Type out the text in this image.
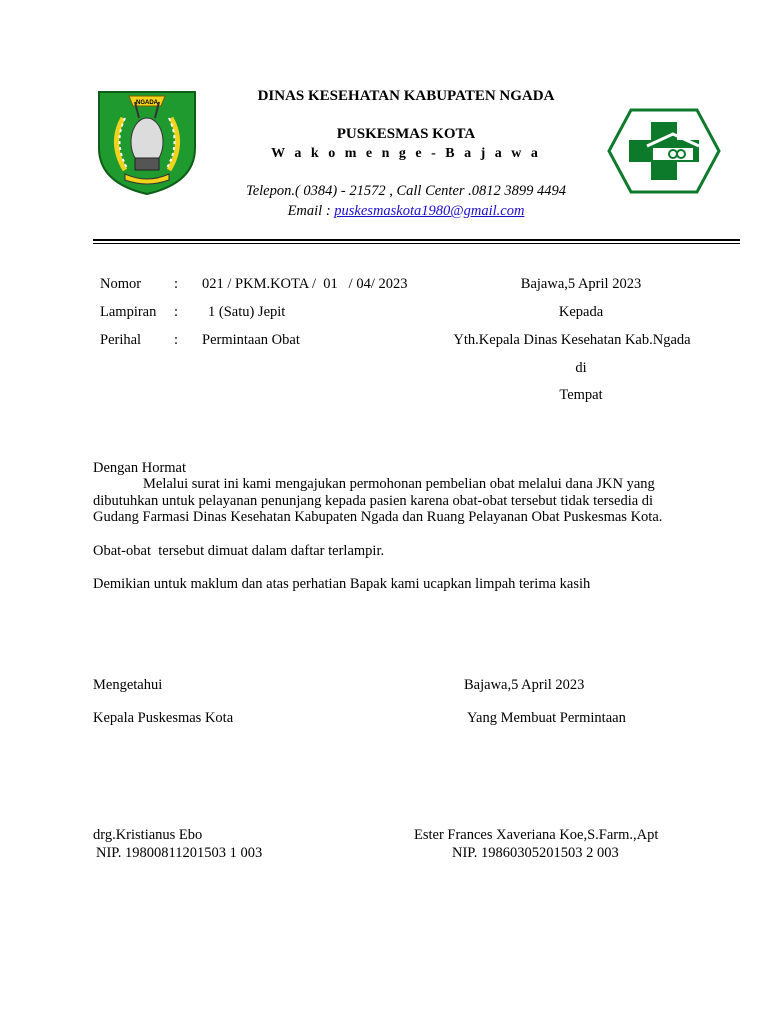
NGADA	DINAS KESEHATAN KABUPATEN NGADA
PUSKESMAS KOTA
W a k o m e n g e - B a j a w a
Telepon.( 0384) - 21572 , Call Center .0812 3899 4494
Email : puskesmaskota1980@gmail.com
Nomor : 021 / PKM.KOTA /  01   / 04/ 2023
Lampiran : 1 (Satu) Jepit
Perihal : Permintaan Obat
Bajawa,5 April 2023
Kepada
Yth.Kepala Dinas Kesehatan Kab.Ngada
di
Tempat
Dengan Hormat
Melalui surat ini kami mengajukan permohonan pembelian obat melalui dana JKN yang dibutuhkan untuk pelayanan penunjang kepada pasien karena obat-obat tersebut tidak tersedia di Gudang Farmasi Dinas Kesehatan Kabupaten Ngada dan Ruang Pelayanan Obat Puskesmas Kota.
Obat-obat  tersebut dimuat dalam daftar terlampir.
Demikian untuk maklum dan atas perhatian Bapak kami ucapkan limpah terima kasih
Mengetahui
Kepala Puskesmas Kota
drg.Kristianus Ebo
NIP. 19800811201503 1 003
Bajawa,5 April 2023
Yang Membuat Permintaan
Ester Frances Xaveriana Koe,S.Farm.,Apt
NIP. 19860305201503 2 003
